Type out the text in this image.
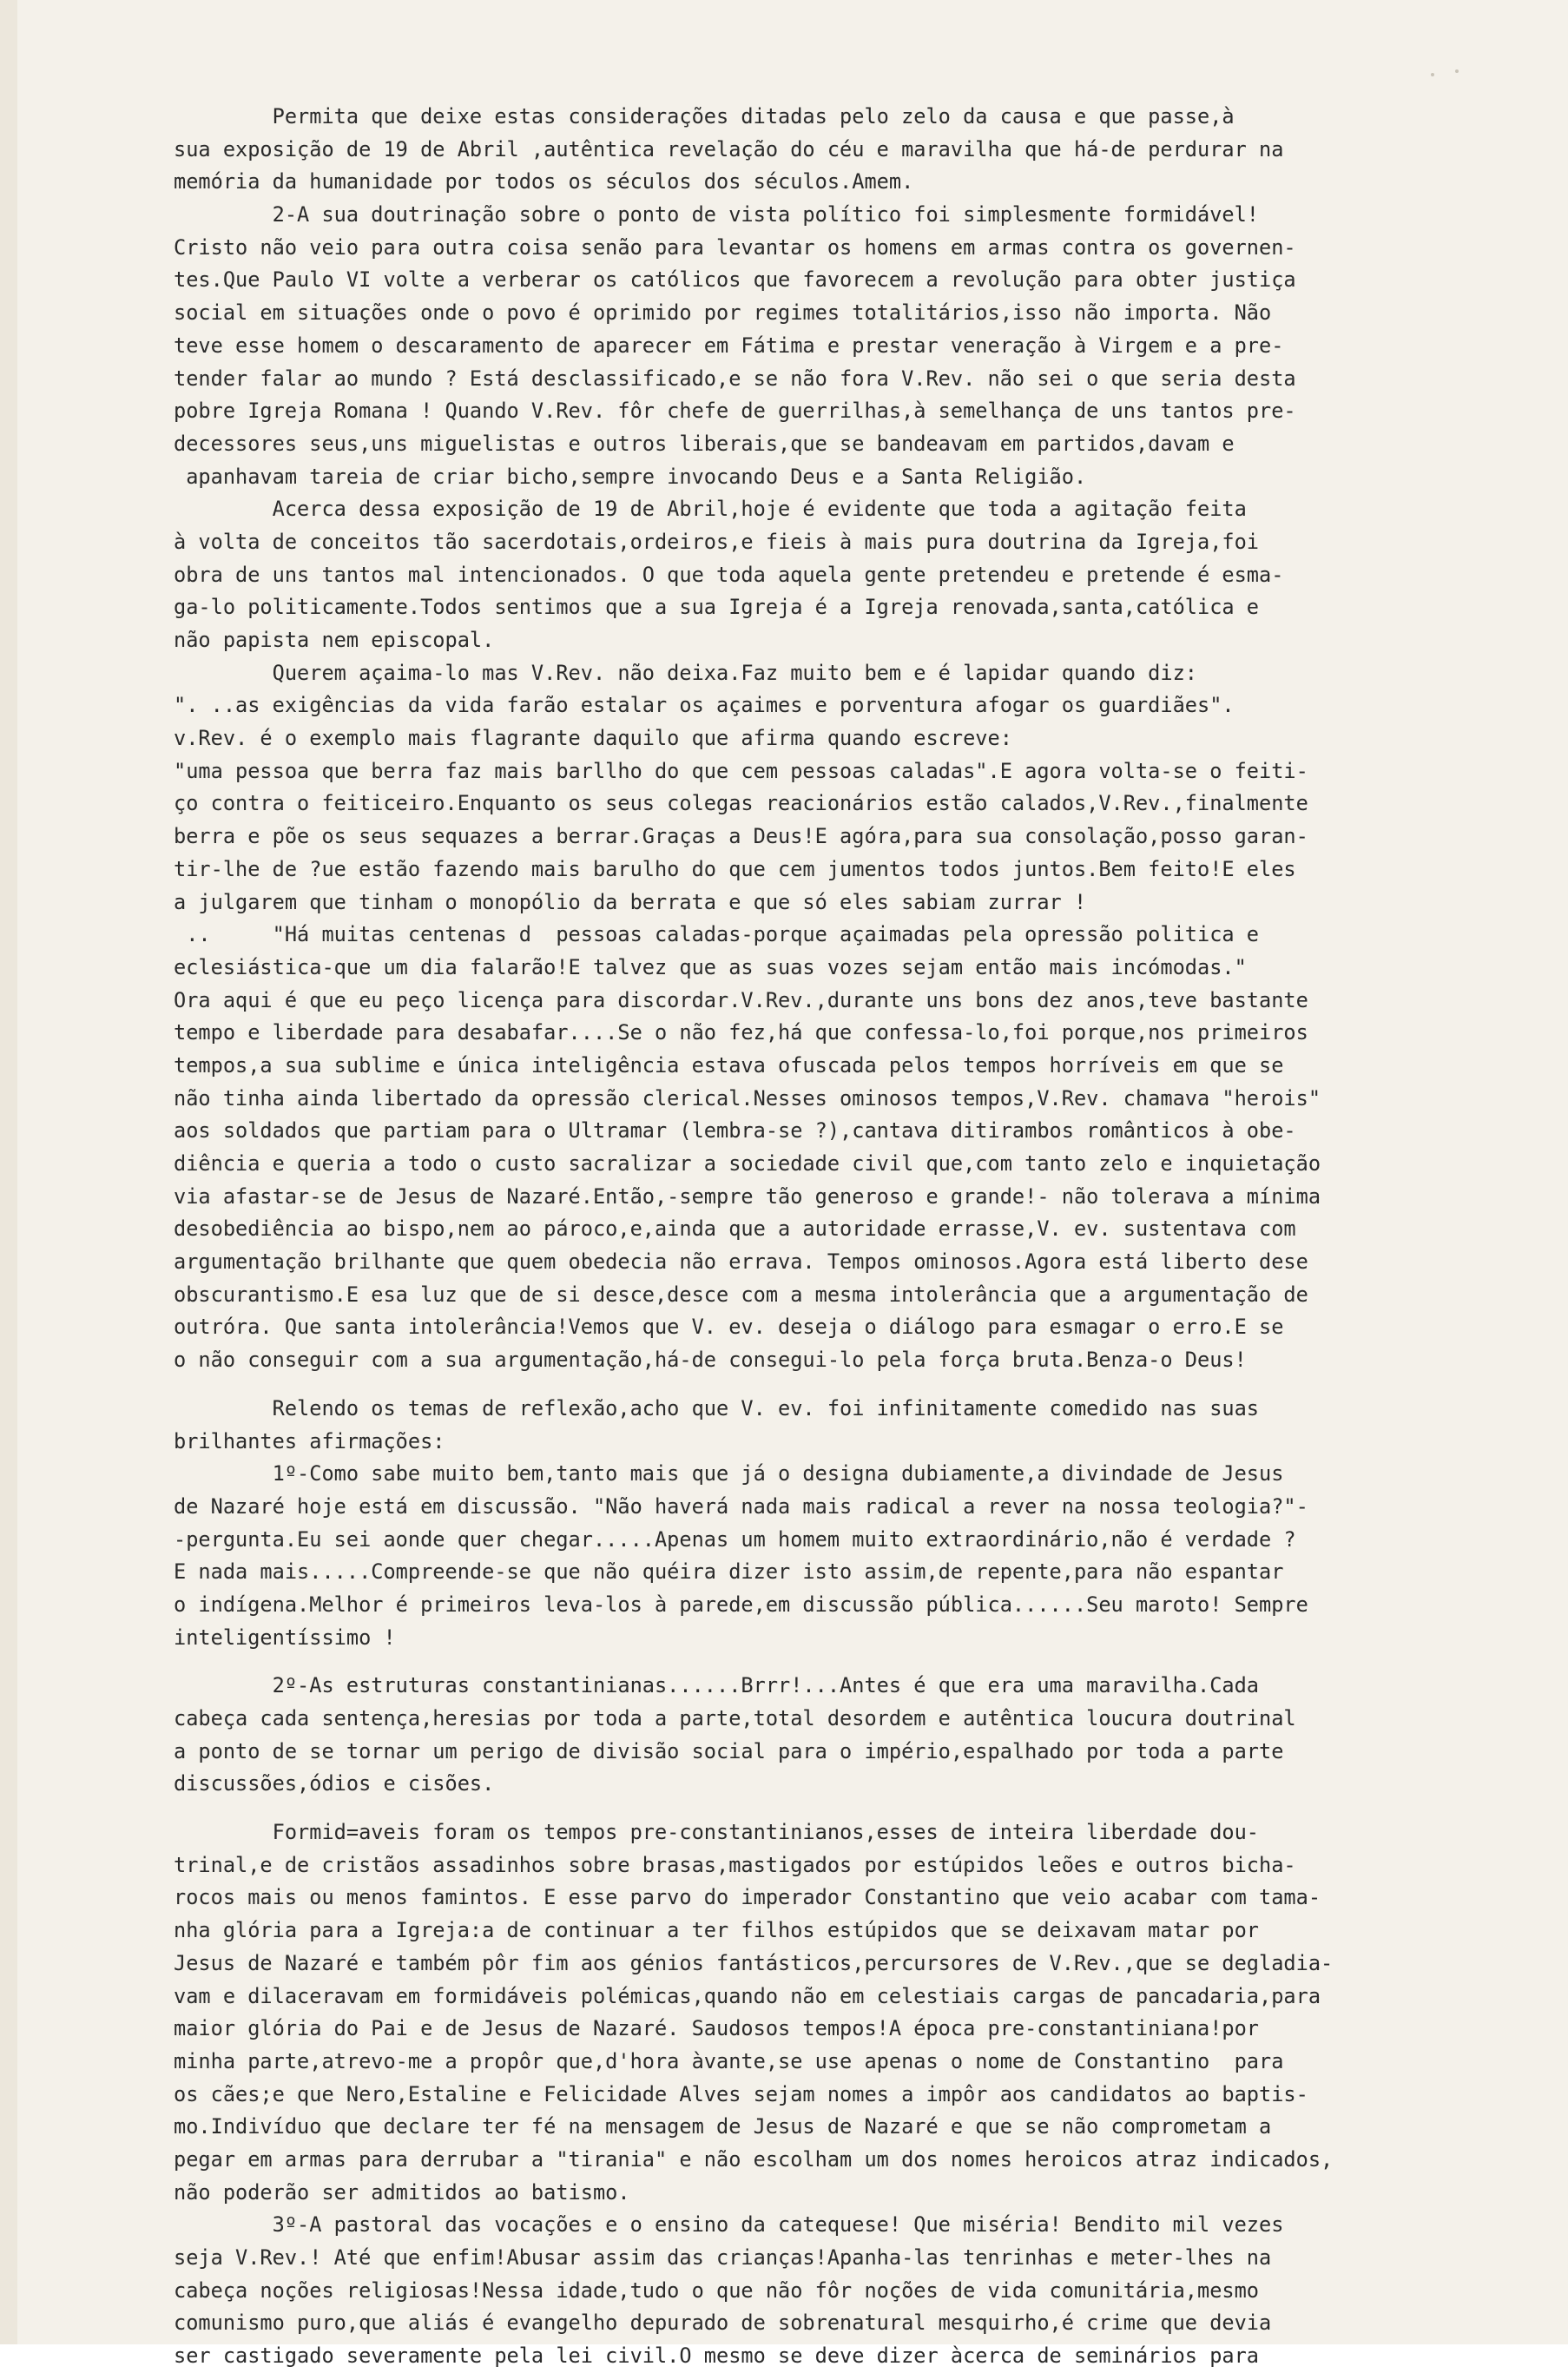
Permita que deixe estas considerações ditadas pelo zelo da causa e que passe,à
sua exposição de 19 de Abril ,autêntica revelação do céu e maravilha que há-de perdurar na
memória da humanidade por todos os séculos dos séculos.Amem.
2-A sua doutrinação sobre o ponto de vista político foi simplesmente formidável!
Cristo não veio para outra coisa senão para levantar os homens em armas contra os governen-
tes.Que Paulo VI volte a verberar os católicos que favorecem a revolução para obter justiça
social em situações onde o povo é oprimido por regimes totalitários,isso não importa. Não
teve esse homem o descaramento de aparecer em Fátima e prestar veneração à Virgem e a pre-
tender falar ao mundo ? Está desclassificado,e se não fora V.Rev. não sei o que seria desta
pobre Igreja Romana ! Quando V.Rev. fôr chefe de guerrilhas,à semelhança de uns tantos pre-
decessores seus,uns miguelistas e outros liberais,que se bandeavam em partidos,davam e
apanhavam tareia de criar bicho,sempre invocando Deus e a Santa Religião.
Acerca dessa exposição de 19 de Abril,hoje é evidente que toda a agitação feita
à volta de conceitos tão sacerdotais,ordeiros,e fieis à mais pura doutrina da Igreja,foi
obra de uns tantos mal intencionados. O que toda aquela gente pretendeu e pretende é esma-
ga-lo politicamente.Todos sentimos que a sua Igreja é a Igreja renovada,santa,católica e
não papista nem episcopal.
Querem açaima-lo mas V.Rev. não deixa.Faz muito bem e é lapidar quando diz:
". ..as exigências da vida farão estalar os açaimes e porventura afogar os guardiães".
v.Rev. é o exemplo mais flagrante daquilo que afirma quando escreve:
"uma pessoa que berra faz mais barllho do que cem pessoas caladas".E agora volta-se o feiti-
ço contra o feiticeiro.Enquanto os seus colegas reacionários estão calados,V.Rev.,finalmente
berra e põe os seus sequazes a berrar.Graças a Deus!E agóra,para sua consolação,posso garan-
tir-lhe de ?ue estão fazendo mais barulho do que cem jumentos todos juntos.Bem feito!E eles
a julgarem que tinham o monopólio da berrata e que só eles sabiam zurrar !
..     "Há muitas centenas d  pessoas caladas-porque açaimadas pela opressão politica e
eclesiástica-que um dia falarão!E talvez que as suas vozes sejam então mais incómodas."
Ora aqui é que eu peço licença para discordar.V.Rev.,durante uns bons dez anos,teve bastante
tempo e liberdade para desabafar....Se o não fez,há que confessa-lo,foi porque,nos primeiros
tempos,a sua sublime e única inteligência estava ofuscada pelos tempos horríveis em que se
não tinha ainda libertado da opressão clerical.Nesses ominosos tempos,V.Rev. chamava "herois"
aos soldados que partiam para o Ultramar (lembra-se ?),cantava ditirambos românticos à obe-
diência e queria a todo o custo sacralizar a sociedade civil que,com tanto zelo e inquietação
via afastar-se de Jesus de Nazaré.Então,-sempre tão generoso e grande!- não tolerava a mínima
desobediência ao bispo,nem ao pároco,e,ainda que a autoridade errasse,V. ev. sustentava com
argumentação brilhante que quem obedecia não errava. Tempos ominosos.Agora está liberto dese
obscurantismo.E esa luz que de si desce,desce com a mesma intolerância que a argumentação de
outróra. Que santa intolerância!Vemos que V. ev. deseja o diálogo para esmagar o erro.E se
o não conseguir com a sua argumentação,há-de consegui-lo pela força bruta.Benza-o Deus!
Relendo os temas de reflexão,acho que V. ev. foi infinitamente comedido nas suas
brilhantes afirmações:
1º-Como sabe muito bem,tanto mais que já o designa dubiamente,a divindade de Jesus
de Nazaré hoje está em discussão. "Não haverá nada mais radical a rever na nossa teologia?"-
-pergunta.Eu sei aonde quer chegar.....Apenas um homem muito extraordinário,não é verdade ?
E nada mais.....Compreende-se que não quéira dizer isto assim,de repente,para não espantar
o indígena.Melhor é primeiros leva-los à parede,em discussão pública......Seu maroto! Sempre
inteligentíssimo !
2º-As estruturas constantinianas......Brrr!...Antes é que era uma maravilha.Cada
cabeça cada sentença,heresias por toda a parte,total desordem e autêntica loucura doutrinal
a ponto de se tornar um perigo de divisão social para o império,espalhado por toda a parte
discussões,ódios e cisões.
Formid=aveis foram os tempos pre-constantinianos,esses de inteira liberdade dou-
trinal,e de cristãos assadinhos sobre brasas,mastigados por estúpidos leões e outros bicha-
rocos mais ou menos famintos. E esse parvo do imperador Constantino que veio acabar com tama-
nha glória para a Igreja:a de continuar a ter filhos estúpidos que se deixavam matar por
Jesus de Nazaré e também pôr fim aos génios fantásticos,percursores de V.Rev.,que se degladia-
vam e dilaceravam em formidáveis polémicas,quando não em celestiais cargas de pancadaria,para
maior glória do Pai e de Jesus de Nazaré. Saudosos tempos!A época pre-constantiniana!por
minha parte,atrevo-me a propôr que,d'hora àvante,se use apenas o nome de Constantino  para
os cães;e que Nero,Estaline e Felicidade Alves sejam nomes a impôr aos candidatos ao baptis-
mo.Indivíduo que declare ter fé na mensagem de Jesus de Nazaré e que se não comprometam a
pegar em armas para derrubar a "tirania" e não escolham um dos nomes heroicos atraz indicados,
não poderão ser admitidos ao batismo.
3º-A pastoral das vocações e o ensino da catequese! Que miséria! Bendito mil vezes
seja V.Rev.! Até que enfim!Abusar assim das crianças!Apanha-las tenrinhas e meter-lhes na
cabeça noções religiosas!Nessa idade,tudo o que não fôr noções de vida comunitária,mesmo
comunismo puro,que aliás é evangelho depurado de sobrenatural mesquirho,é crime que devia
ser castigado severamente pela lei civil.O mesmo se deve dizer àcerca de seminários para
